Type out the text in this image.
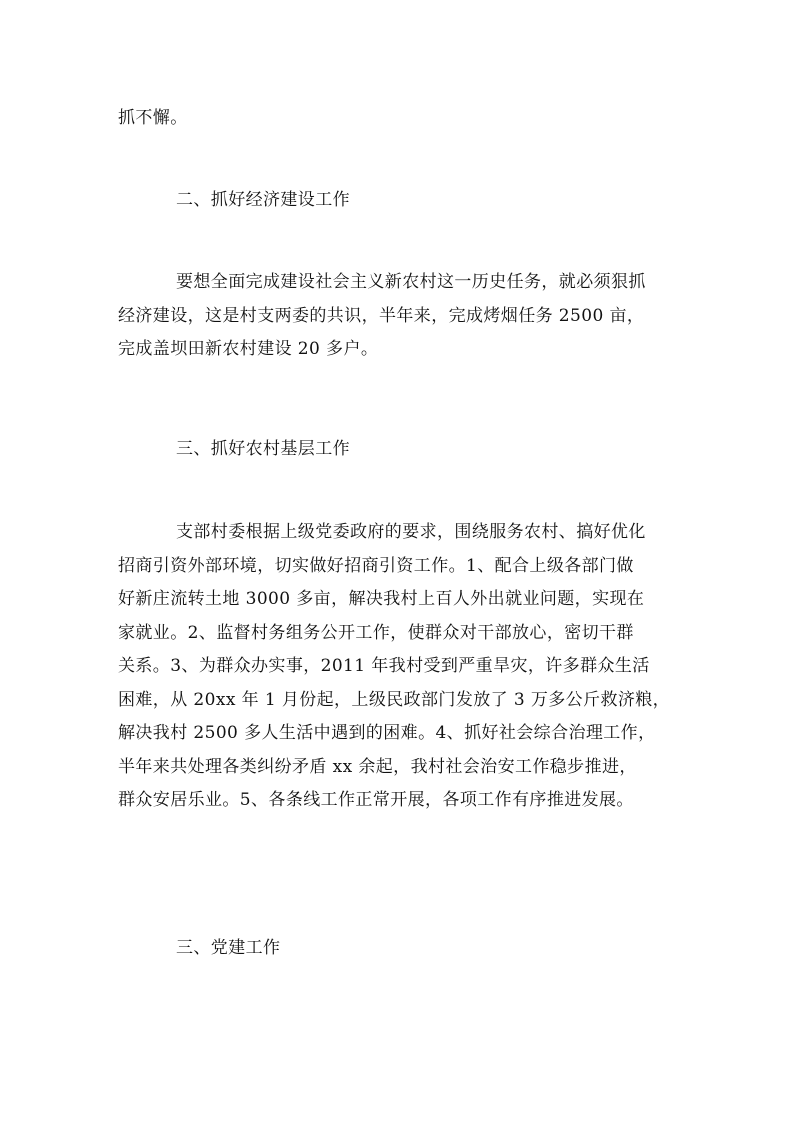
抓不懈。

二、抓好经济建设工作

要想全面完成建设社会主义新农村这一历史任务，就必须狠抓
经济建设，这是村支两委的共识，半年来，完成烤烟任务 2500 亩，
完成盖坝田新农村建设 20 多户。

三、抓好农村基层工作

支部村委根据上级党委政府的要求，围绕服务农村、搞好优化
招商引资外部环境，切实做好招商引资工作。1、配合上级各部门做
好新庄流转土地 3000 多亩，解决我村上百人外出就业问题，实现在
家就业。2、监督村务组务公开工作，使群众对干部放心，密切干群
关系。3、为群众办实事，2011 年我村受到严重旱灾，许多群众生活
困难，从 20xx 年 1 月份起，上级民政部门发放了 3 万多公斤救济粮，
解决我村 2500 多人生活中遇到的困难。4、抓好社会综合治理工作，
半年来共处理各类纠纷矛盾 xx 余起，我村社会治安工作稳步推进，
群众安居乐业。5、各条线工作正常开展，各项工作有序推进发展。

三、党建工作
